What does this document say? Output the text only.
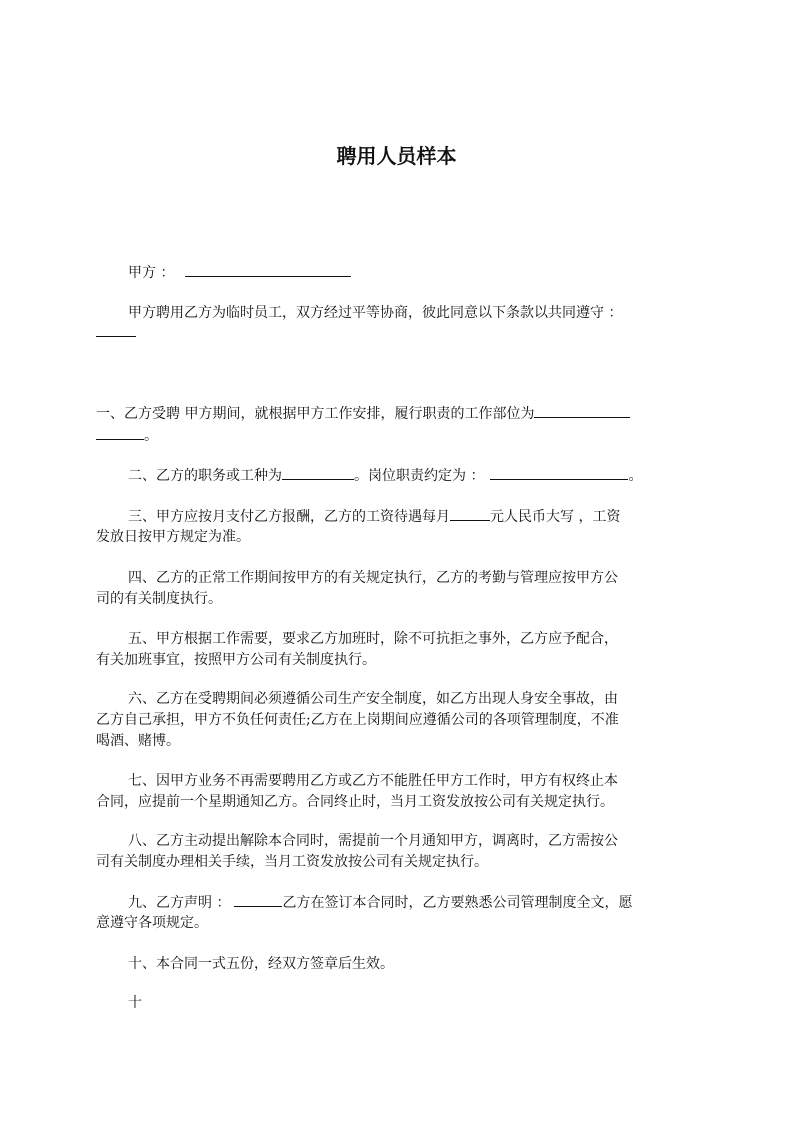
聘用人员样本
甲方 ：
甲方聘用乙方为临时员工，双方经过平等协商，彼此同意以下条款以共同遵守 ：
一、乙方受聘 甲方期间，就根据甲方工作安排，履行职责的工作部位为
。
二、乙方的职务或工种为	。岗位职责约定为 ：	。
三、甲方应按月支付乙方报酬，乙方的工资待遇每月	元人民币大写 ，工资
发放日按甲方规定为准。
四、乙方的正常工作期间按甲方的有关规定执行，乙方的考勤与管理应按甲方公
司的有关制度执行。
五、甲方根据工作需要，要求乙方加班时，除不可抗拒之事外，乙方应予配合，
有关加班事宜，按照甲方公司有关制度执行。
六、乙方在受聘期间必须遵循公司生产安全制度，如乙方出现人身安全事故，由
乙方自己承担，甲方不负任何责任;乙方在上岗期间应遵循公司的各项管理制度，不准
喝酒、赌博。
七、因甲方业务不再需要聘用乙方或乙方不能胜任甲方工作时，甲方有权终止本
合同，应提前一个星期通知乙方。合同终止时，当月工资发放按公司有关规定执行。
八、乙方主动提出解除本合同时，需提前一个月通知甲方，调离时，乙方需按公
司有关制度办理相关手续，当月工资发放按公司有关规定执行。
九、乙方声明 ：	乙方在签订本合同时，乙方要熟悉公司管理制度全文，愿
意遵守各项规定。
十、本合同一式五份，经双方签章后生效。
十
